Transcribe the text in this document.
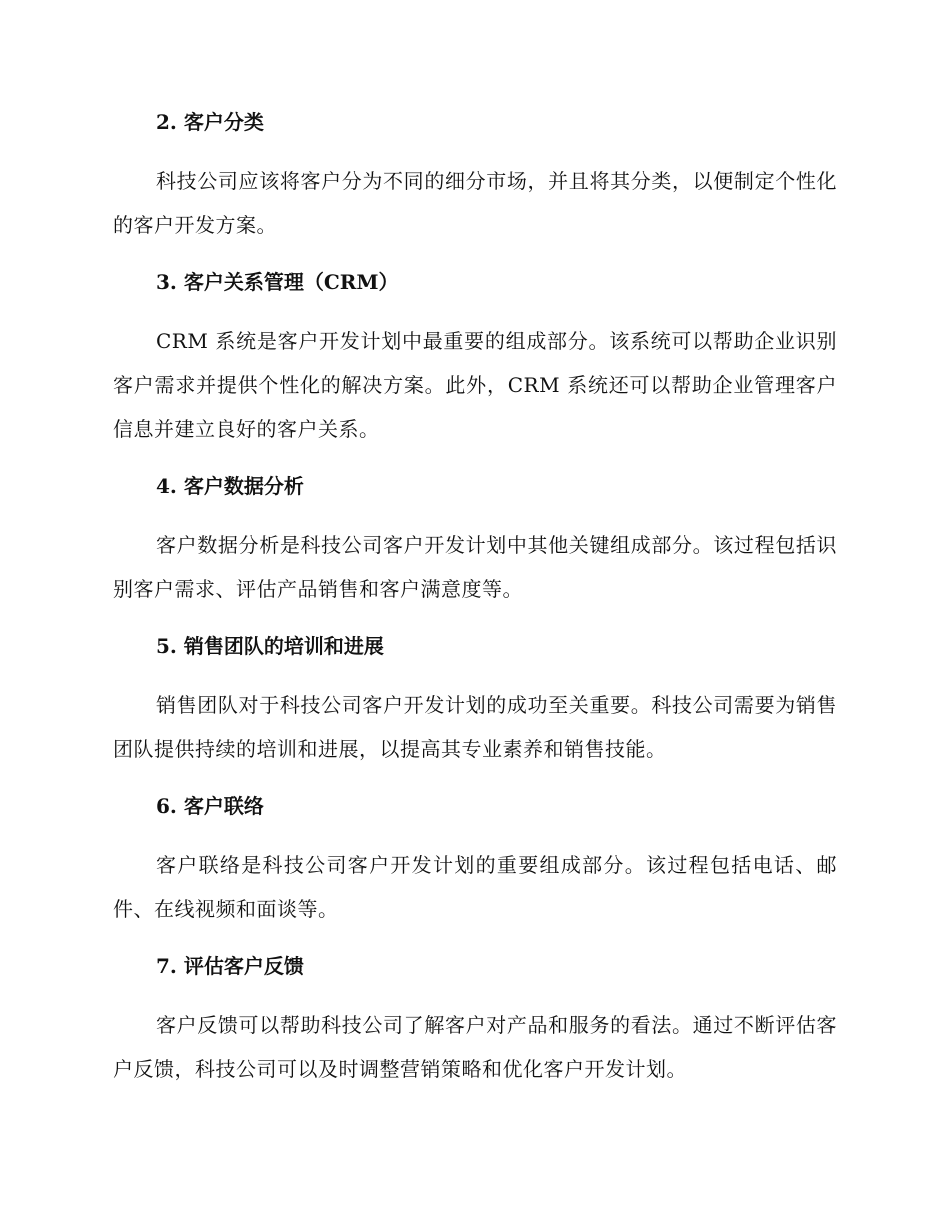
2. 客户分类

科技公司应该将客户分为不同的细分市场，并且将其分类，以便制定个性化的客户开发方案。

3. 客户关系管理（CRM）

CRM 系统是客户开发计划中最重要的组成部分。该系统可以帮助企业识别客户需求并提供个性化的解决方案。此外，CRM 系统还可以帮助企业管理客户信息并建立良好的客户关系。

4. 客户数据分析

客户数据分析是科技公司客户开发计划中其他关键组成部分。该过程包括识别客户需求、评估产品销售和客户满意度等。

5. 销售团队的培训和进展

销售团队对于科技公司客户开发计划的成功至关重要。科技公司需要为销售团队提供持续的培训和进展，以提高其专业素养和销售技能。

6. 客户联络

客户联络是科技公司客户开发计划的重要组成部分。该过程包括电话、邮件、在线视频和面谈等。

7. 评估客户反馈

客户反馈可以帮助科技公司了解客户对产品和服务的看法。通过不断评估客户反馈，科技公司可以及时调整营销策略和优化客户开发计划。
